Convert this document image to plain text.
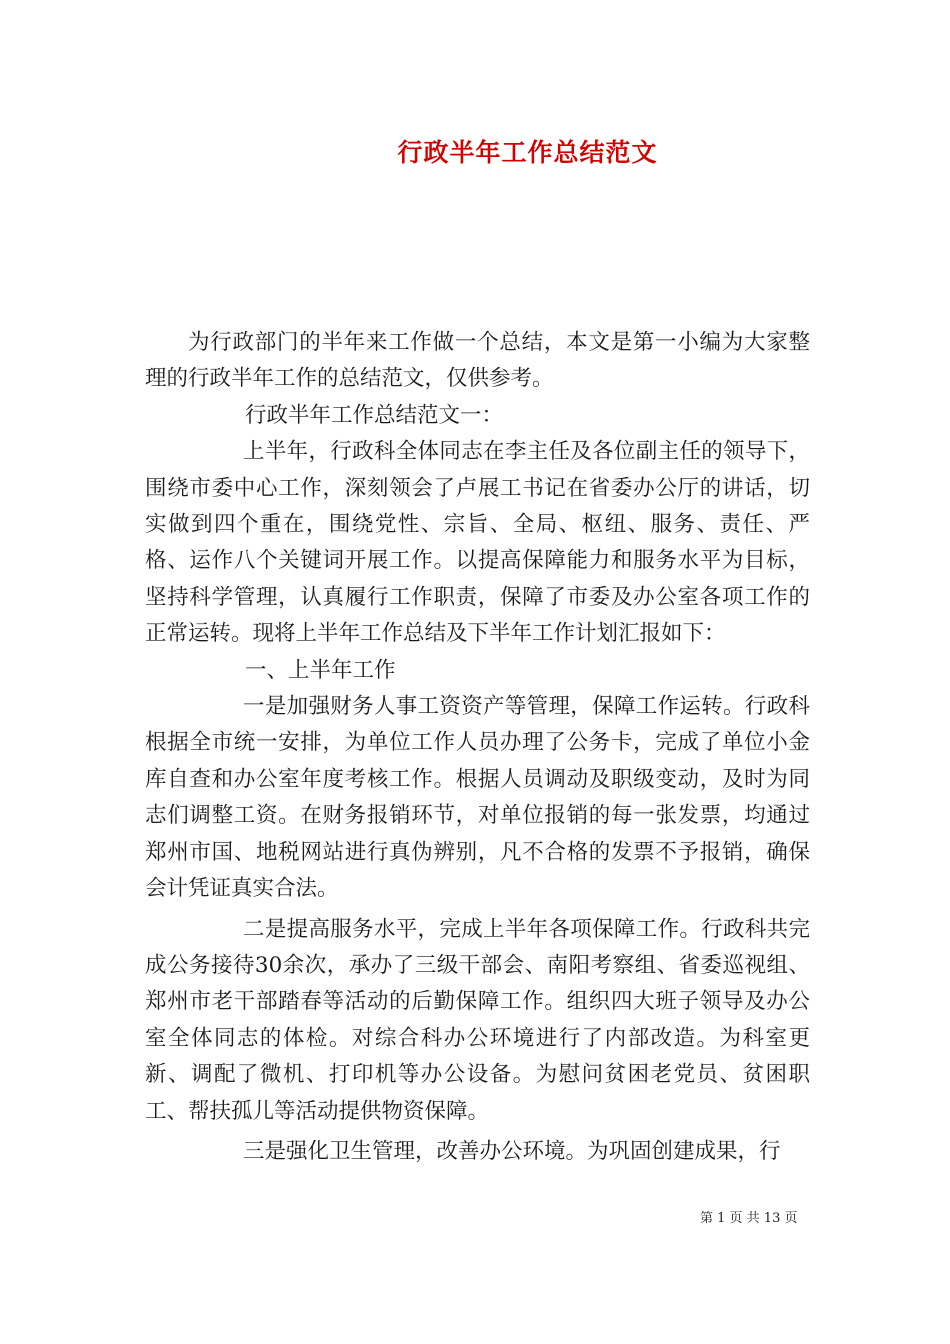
行政半年工作总结范文

为行政部门的半年来工作做一个总结，本文是第一小编为大家整理的行政半年工作的总结范文，仅供参考。

行政半年工作总结范文一：

上半年，行政科全体同志在李主任及各位副主任的领导下，围绕市委中心工作，深刻领会了卢展工书记在省委办公厅的讲话，切实做到四个重在，围绕党性、宗旨、全局、枢纽、服务、责任、严格、运作八个关键词开展工作。以提高保障能力和服务水平为目标，坚持科学管理，认真履行工作职责，保障了市委及办公室各项工作的正常运转。现将上半年工作总结及下半年工作计划汇报如下：

一、上半年工作

一是加强财务人事工资资产等管理，保障工作运转。行政科根据全市统一安排，为单位工作人员办理了公务卡，完成了单位小金库自查和办公室年度考核工作。根据人员调动及职级变动，及时为同志们调整工资。在财务报销环节，对单位报销的每一张发票，均通过郑州市国、地税网站进行真伪辨别，凡不合格的发票不予报销，确保会计凭证真实合法。

二是提高服务水平，完成上半年各项保障工作。行政科共完成公务接待30余次，承办了三级干部会、南阳考察组、省委巡视组、郑州市老干部踏春等活动的后勤保障工作。组织四大班子领导及办公室全体同志的体检。对综合科办公环境进行了内部改造。为科室更新、调配了微机、打印机等办公设备。为慰问贫困老党员、贫困职工、帮扶孤儿等活动提供物资保障。

三是强化卫生管理，改善办公环境。为巩固创建成果，行

第 1 页 共 13 页
